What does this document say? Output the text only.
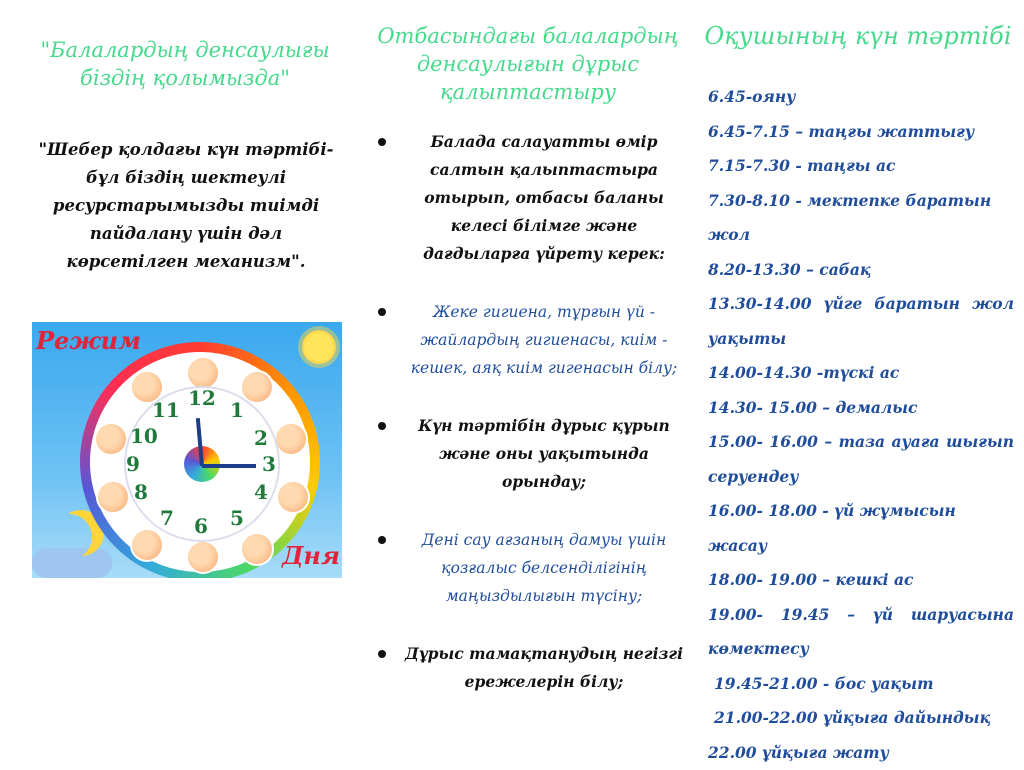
"Балалардың денсаулығы біздің қолымызда"

"Шебер қолдағы күн тәртібі-бұл біздің шектеулі ресурстарымызды тиімді пайдалану үшін дәл көрсетілген механизм".

12 1
2
3
4
5
6
7
8
9
10
11
Режим
Дня

Отбасындағы балалардың денсаулығын дұрыс қалыптастыру

Балада салауатты өмір салтын қалыптастыра отырып, отбасы баланы келесі білімге және дағдыларға үйрету керек:
Жеке гигиена, тұрғын үй - жайлардың гигиенасы, киім - кешек, аяқ киім гигенасын білу;
Күн тәртібін дұрыс құрып және оны уақытында орындау;
Дені сау ағзаның дамуы үшін қозғалыс белсенділігінің маңыздылығын түсіну;
Дұрыс тамақтанудың негізгі ережелерін білу;

Оқушының күн тәртібі

6.45-ояну
6.45-7.15 – таңғы жаттығу
7.15-7.30 - таңғы ас
7.30-8.10 - мектепке баратын жол
8.20-13.30 – сабақ
13.30-14.00 үйге баратын жол уақыты
14.00-14.30 -түскі ас
14.30- 15.00 – демалыс
15.00- 16.00 – таза ауаға шығып серуендеу
16.00- 18.00 - үй жұмысын жасау
18.00- 19.00 – кешкі ас
19.00- 19.45 – үй шаруасына көмектесу
19.45-21.00 - бос уақыт
21.00-22.00 ұйқыға дайындық
22.00 ұйқыға жату
